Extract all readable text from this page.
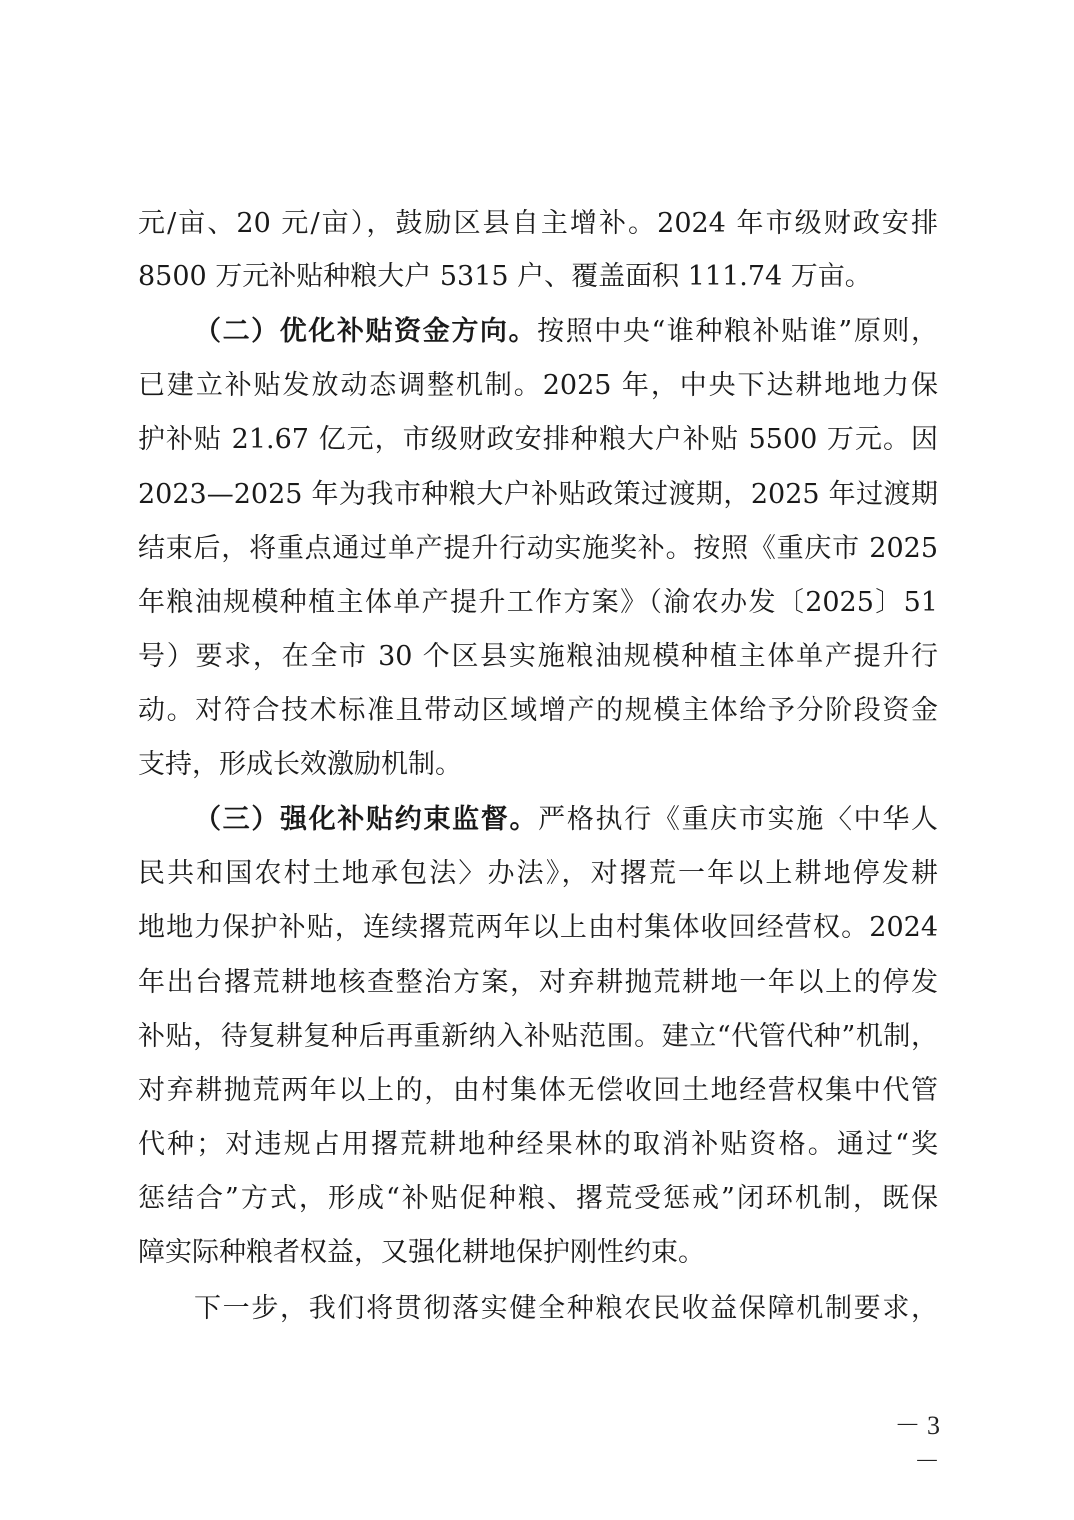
元/亩、20 元/亩），鼓励区县自主增补。2024 年市级财政安排
8500 万元补贴种粮大户 5315 户、覆盖面积 111.74 万亩。
（二）优化补贴资金方向。按照中央“谁种粮补贴谁”原则，
已建立补贴发放动态调整机制。2025 年，中央下达耕地地力保
护补贴 21.67 亿元，市级财政安排种粮大户补贴 5500 万元。因
2023—2025 年为我市种粮大户补贴政策过渡期，2025 年过渡期
结束后，将重点通过单产提升行动实施奖补。按照《重庆市 2025
年粮油规模种植主体单产提升工作方案》（渝农办发〔2025〕51
号）要求，在全市 30 个区县实施粮油规模种植主体单产提升行
动。对符合技术标准且带动区域增产的规模主体给予分阶段资金
支持，形成长效激励机制。
（三）强化补贴约束监督。严格执行《重庆市实施〈中华人
民共和国农村土地承包法〉办法》，对撂荒一年以上耕地停发耕
地地力保护补贴，连续撂荒两年以上由村集体收回经营权。2024
年出台撂荒耕地核查整治方案，对弃耕抛荒耕地一年以上的停发
补贴，待复耕复种后再重新纳入补贴范围。建立“代管代种”机制，
对弃耕抛荒两年以上的，由村集体无偿收回土地经营权集中代管
代种；对违规占用撂荒耕地种经果林的取消补贴资格。通过“奖
惩结合”方式，形成“补贴促种粮、撂荒受惩戒”闭环机制，既保
障实际种粮者权益，又强化耕地保护刚性约束。
下一步，我们将贯彻落实健全种粮农民收益保障机制要求，
－ 3 －
